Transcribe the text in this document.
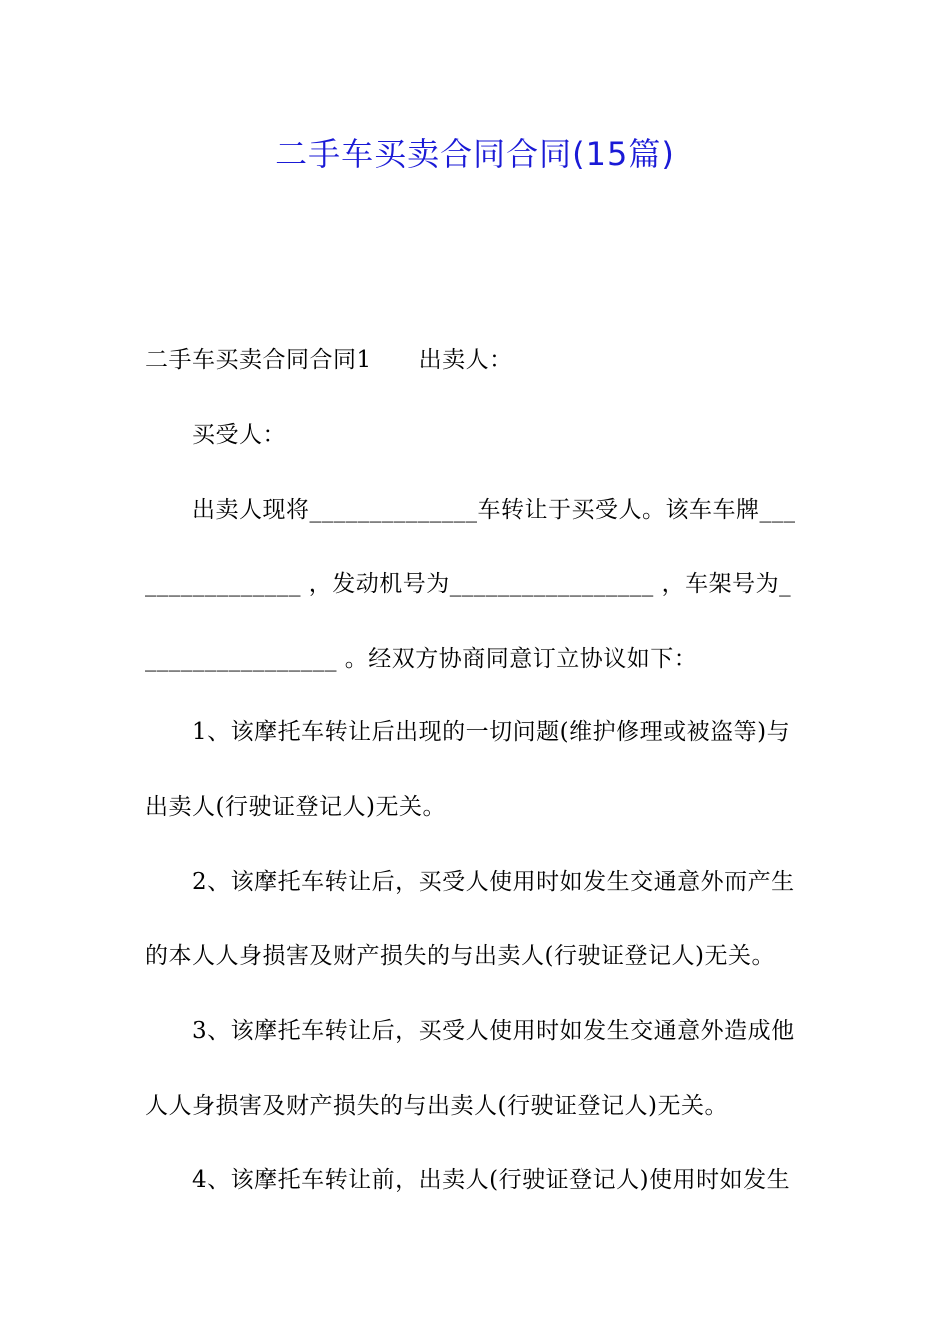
二手车买卖合同合同(15篇)

二手车买卖合同合同1　　出卖人：

买受人：

出卖人现将______________车转让于买受人。该车车牌___

_____________ ，发动机号为_________________ ，车架号为_

________________ 。经双方协商同意订立协议如下：

1、该摩托车转让后出现的一切问题(维护修理或被盗等)与

出卖人(行驶证登记人)无关。

2、该摩托车转让后，买受人使用时如发生交通意外而产生

的本人人身损害及财产损失的与出卖人(行驶证登记人)无关。

3、该摩托车转让后，买受人使用时如发生交通意外造成他

人人身损害及财产损失的与出卖人(行驶证登记人)无关。

4、该摩托车转让前，出卖人(行驶证登记人)使用时如发生
